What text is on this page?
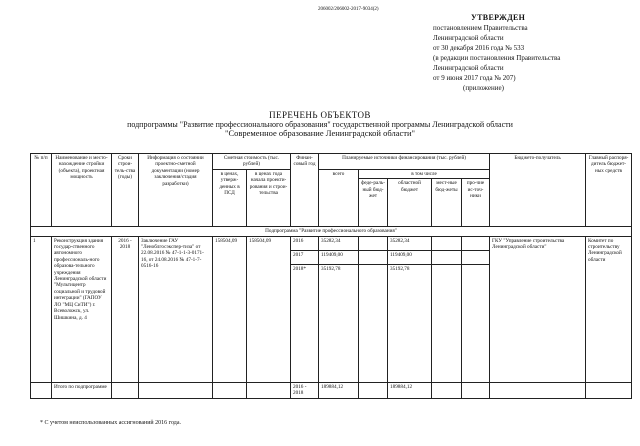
206002/206002-2017-9034(2)
УТВЕРЖДЕН
постановлением Правительства
Ленинградской области
от 30 декабря 2016 года № 533
(в редакции постановления Правительства
Ленинградской области
от 9 июня 2017 года № 207)
(приложение)
ПЕРЕЧЕНЬ ОБЪЕКТОВ
подпрограммы "Развитие профессионального образования" государственной программы Ленинградской области
"Современное образование Ленинградской области"
№ п/п	Наименование и место-нахождение стройки (объекта), проектная мощность	Сроки строи-тель-ства (годы)	Информация о состоянии проектно-сметной документации (номер заключения/стадия разработки)	Сметная стоимость (тыс. рублей)		Финан-совый год	Планируемые источники финансирования (тыс. рублей)					Бюджето-получатель	Главный распоря-дитель бюджет-ных средств
				в ценах, утверж-денных в ПСД	в ценах года начала проекти-рования и строи-тельства		всего	в том числе					
								феде-раль-ный бюд-жет	областной бюджет	мест-ные бюд-жеты	про-чие ис-точ-ники		
Подпрограмма "Развитие профессионального образования"													
1	Реконструкция здания государ-ственного автономного профессиональ-ного образова-тельного учреждения Ленинградской области "Мультицентр социальной и трудовой интеграции" (ГАПОУ ЛО "МЦ СиТИ") г. Всеволожск, ул. Шишкина, д. 4	2016 - 2018	Заключение ГАУ "Леноблгосэкспер-тиза" от 22.08.2016 № 47-1-1-3-0171-16, от 24.08.2016 № 47-1-7-0516-16	158504,09	158504,09	2016	35282,34		35282,34			ГКУ "Управление строительства Ленинградской области"	Комитет по строительству Ленинградской области
						2017	119409,00		119409,00				
						2018*	35192,78		35192,78				
	Итого по подпрограмме					2016 - 2018	189884,12		189884,12				
* С учетом неиспользованных ассигнований 2016 года.
